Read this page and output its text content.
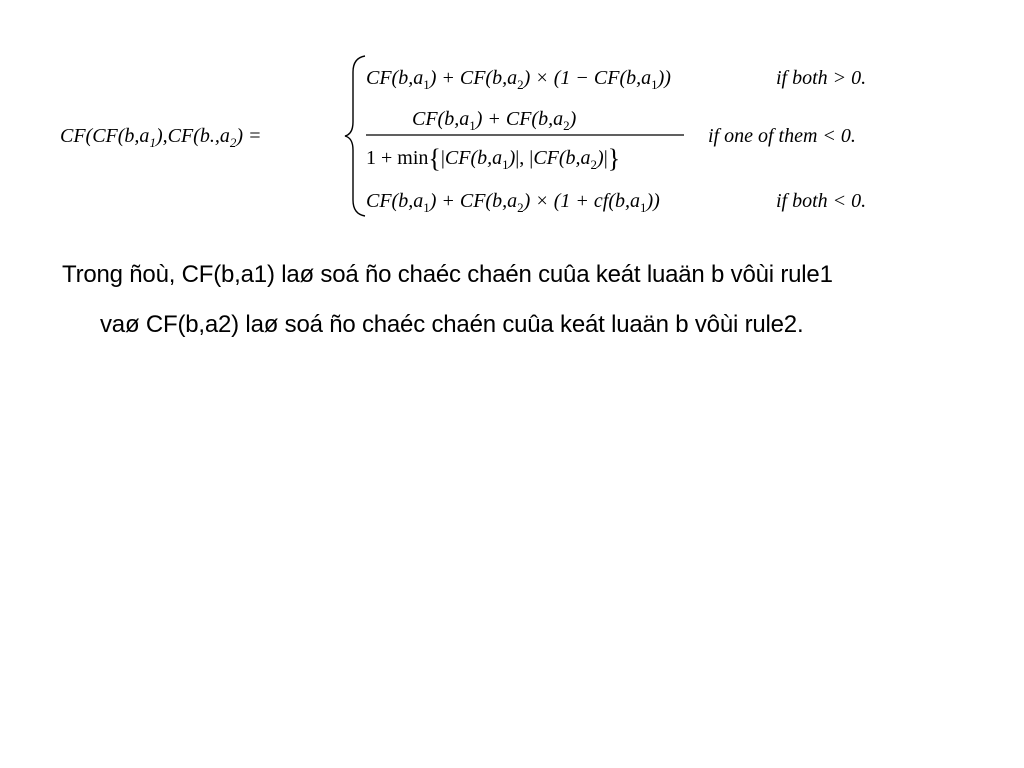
$CF(CF(b,a_1),CF(b.,a_2)$ =
$CF(b,a_1) + CF(b,a_2) \times (1 - CF(b,a_1))$	if both > 0.
$CF(b,a_1) + CF(b,a_2)$
$1 + \min\{|CF(b,a_1)|$, $|CF(b,a_2)|$}
if one of them < 0.
$CF(b,a_1) + CF(b,a_2) \times (1 + cf(b,a_1))$	if both < 0.
Trong ñoù, CF(b,a1) laø soá ño chaéc chaén cuûa keát luaän b vôùi rule1
vaø CF(b,a2) laø soá ño chaéc chaén cuûa keát luaän b vôùi rule2.
